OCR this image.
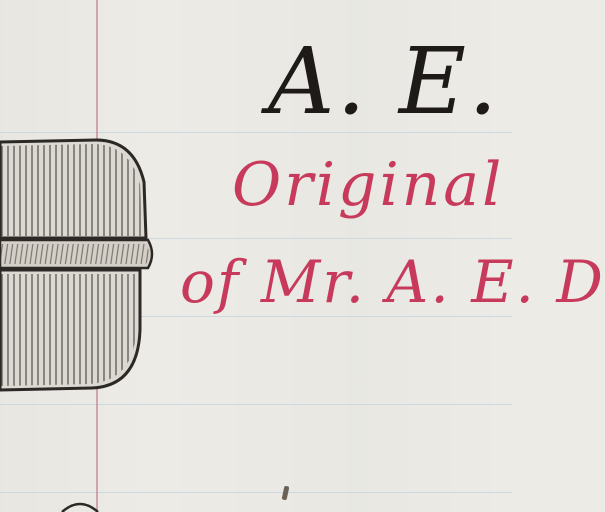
A. E.
Original
of Mr. A. E. D
